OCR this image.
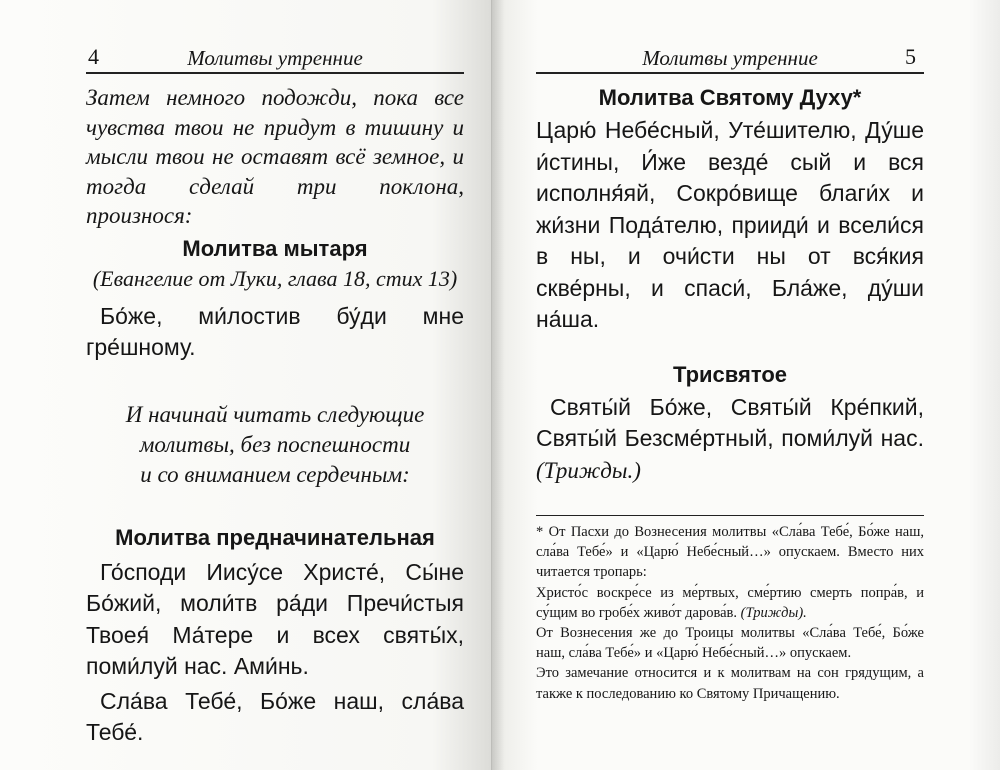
4	Молитвы утренние

Затем немного подожди, пока все чувства твои не придут в тишину и мысли твои не оставят всё земное, и тогда сделай три поклона, произнося:

Молитва мытаря

(Евангелие от Луки, глава 18, стих 13)

Бо́же, ми́лостив бу́ди мне гре́шному.

И начинай читать следующие

молитвы, без поспешности

и со вниманием сердечным:

Молитва предначинательная

Го́споди Иису́се Христе́, Сы́не Бо́жий, моли́тв ра́ди Пречи́стыя Твоея́ Ма́тере и всех святы́х, поми́луй нас. Ами́нь.

Сла́ва Тебе́, Бо́же наш, сла́ва Тебе́.

Молитвы утренние	5

Молитва Святому Духу*

Царю́ Небе́сный, Уте́шителю, Ду́ше и́стины, И́же везде́ сый и вся исполня́яй, Сокро́вище благи́х и жи́зни Пода́телю, прииди́ и всели́ся в ны, и очи́сти ны от вся́кия скве́рны, и спаси́, Бла́же, ду́ши на́ша.

Трисвятое

Святы́й Бо́же, Святы́й Кре́пкий, Святы́й Безсме́ртный, поми́луй нас. (Трижды.)

* От Пасхи до Вознесения молитвы «Сла́ва Тебе́, Бо́же наш, сла́ва Тебе́» и «Царю́ Небе́сный…» опускаем. Вместо них читается тропарь:

Христо́с воскре́се из ме́ртвых, сме́ртию смерть попра́в, и су́щим во гробе́х живо́т дарова́в. (Трижды).

От Вознесения же до Троицы молитвы «Сла́ва Тебе́, Бо́же наш, сла́ва Тебе́» и «Царю́ Небе́сный…» опускаем.

Это замечание относится и к молитвам на сон грядущим, а также к последованию ко Святому Причащению.
